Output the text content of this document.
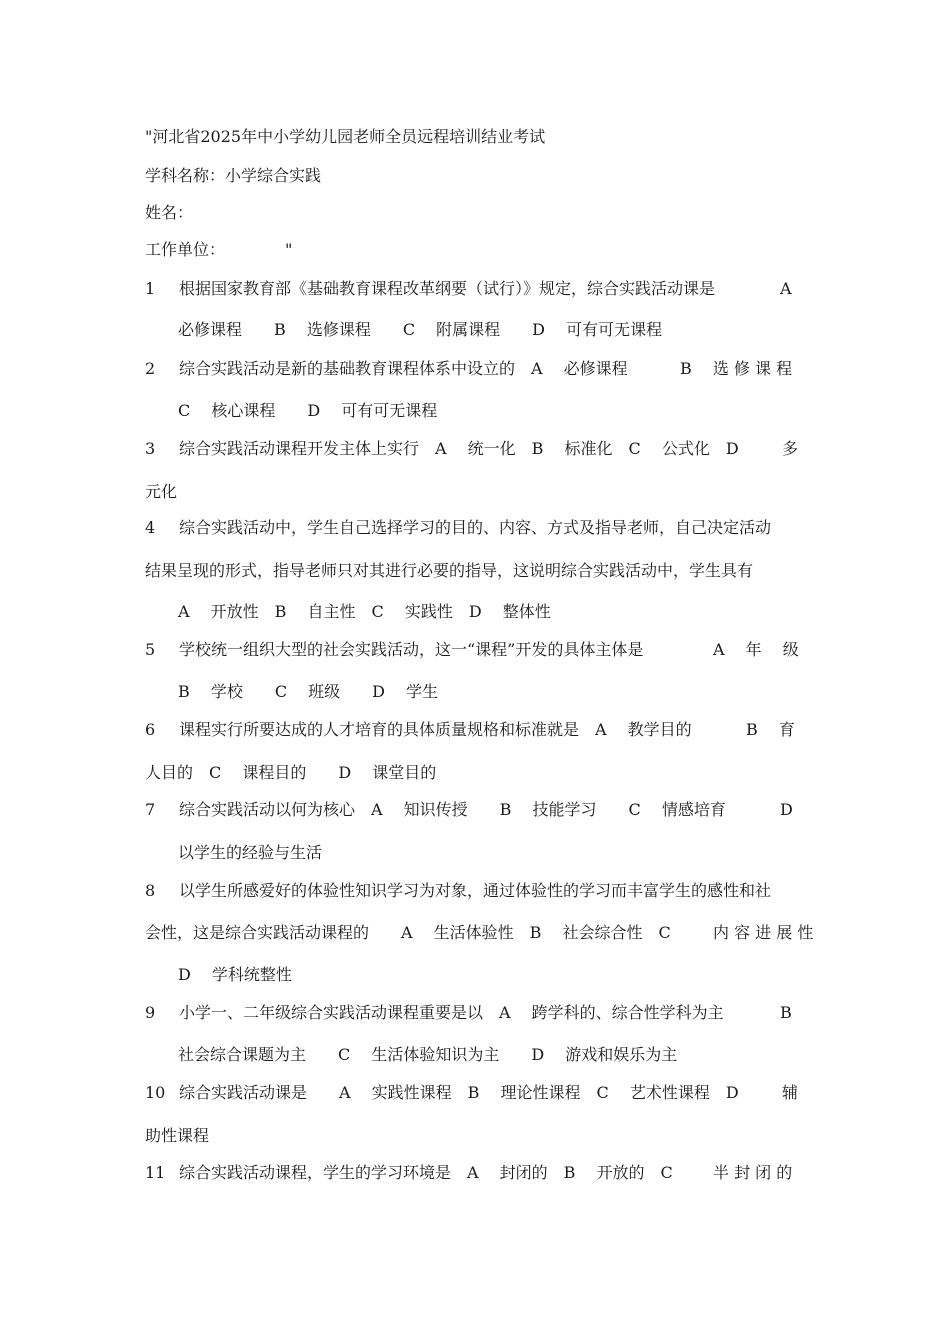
"河北省2025年中小学幼儿园老师全员远程培训结业考试
学科名称：小学综合实践
姓名：
工作单位：	"
1 根据国家教育部《基础教育课程改革纲要（试行）》规定，综合实践活动课是	A
必修课程　　B　 选修课程　　C　 附属课程　　D　 可有可无课程
2 综合实践活动是新的基础教育课程体系中设立的　A　 必修课程	B　 选 修 课 程
C　 核心课程　　D　 可有可无课程
3 综合实践活动课程开发主体上实行　A　 统一化　B　 标准化　C　 公式化　D	多
元化
4 综合实践活动中，学生自己选择学习的目的、内容、方式及指导老师，自己决定活动
结果呈现的形式，指导老师只对其进行必要的指导，这说明综合实践活动中，学生具有
A　 开放性　B　 自主性　C　 实践性　D　 整体性
5 学校统一组织大型的社会实践活动，这一“课程”开发的具体主体是	A　 年　 级
B　 学校　　C　 班级　　D　 学生
6 课程实行所要达成的人才培育的具体质量规格和标准就是　A　 教学目的	B　 育
人目的　C　 课程目的　　D　 课堂目的
7 综合实践活动以何为核心　A　 知识传授　　B　 技能学习　　C　 情感培育	D
以学生的经验与生活
8 以学生所感爱好的体验性知识学习为对象，通过体验性的学习而丰富学生的感性和社
会性，这是综合实践活动课程的　　A　 生活体验性　B　 社会综合性　C	内 容 进 展 性
D　 学科统整性
9 小学一、二年级综合实践活动课程重要是以　A　 跨学科的、综合性学科为主	B
社会综合课题为主　　C　 生活体验知识为主　　D　 游戏和娱乐为主
10 综合实践活动课是　　A　 实践性课程　B　 理论性课程　C　 艺术性课程　D	辅
助性课程
11 综合实践活动课程，学生的学习环境是　A　 封闭的　B　 开放的　C	半 封 闭 的
